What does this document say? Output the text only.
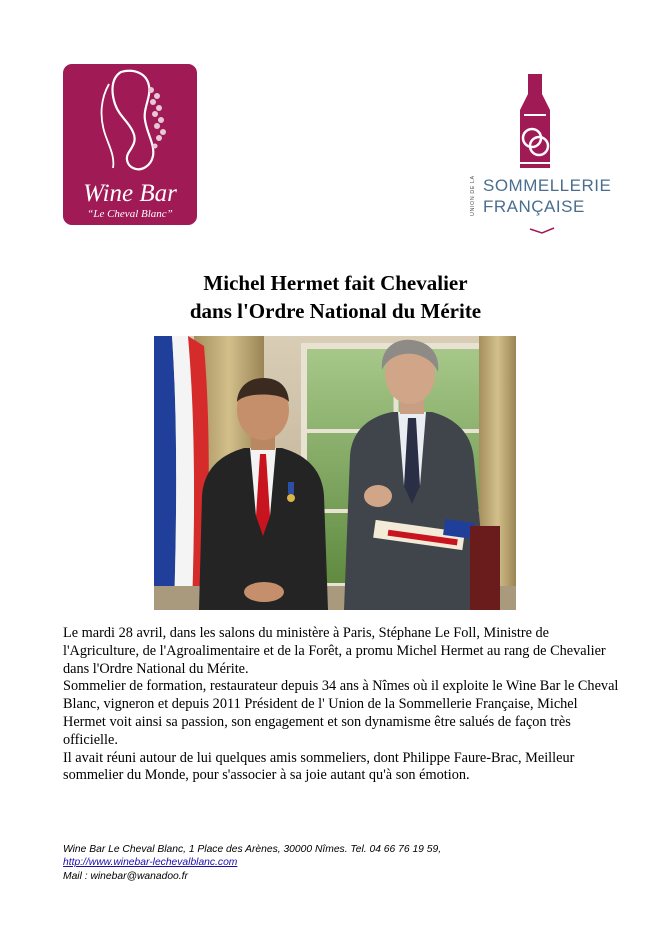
Wine Bar
“Le Cheval Blanc”	UNION DE LA SOMMELLERIE
FRANÇAISE
Michel Hermet fait Chevalier
dans l'Ordre National du Mérite

Le mardi 28 avril, dans les salons du ministère à Paris, Stéphane Le Foll, Ministre de l'Agriculture, de l'Agroalimentaire et de la Forêt, a promu Michel Hermet au rang de Chevalier dans l'Ordre National du Mérite.

Sommelier de formation, restaurateur depuis 34 ans à Nîmes où il exploite le Wine Bar le Cheval Blanc, vigneron et depuis 2011 Président de l' Union de la Sommellerie Française, Michel Hermet voit ainsi sa passion, son engagement et son dynamisme être salués de façon très officielle.

Il avait réuni autour de lui quelques amis sommeliers, dont Philippe Faure-Brac, Meilleur sommelier du Monde, pour s'associer à sa joie autant qu'à son émotion.

Wine Bar Le Cheval Blanc, 1 Place des Arènes, 30000 Nîmes. Tel. 04 66 76 19 59,
http://www.winebar-lechevalblanc.com
Mail : winebar@wanadoo.fr
